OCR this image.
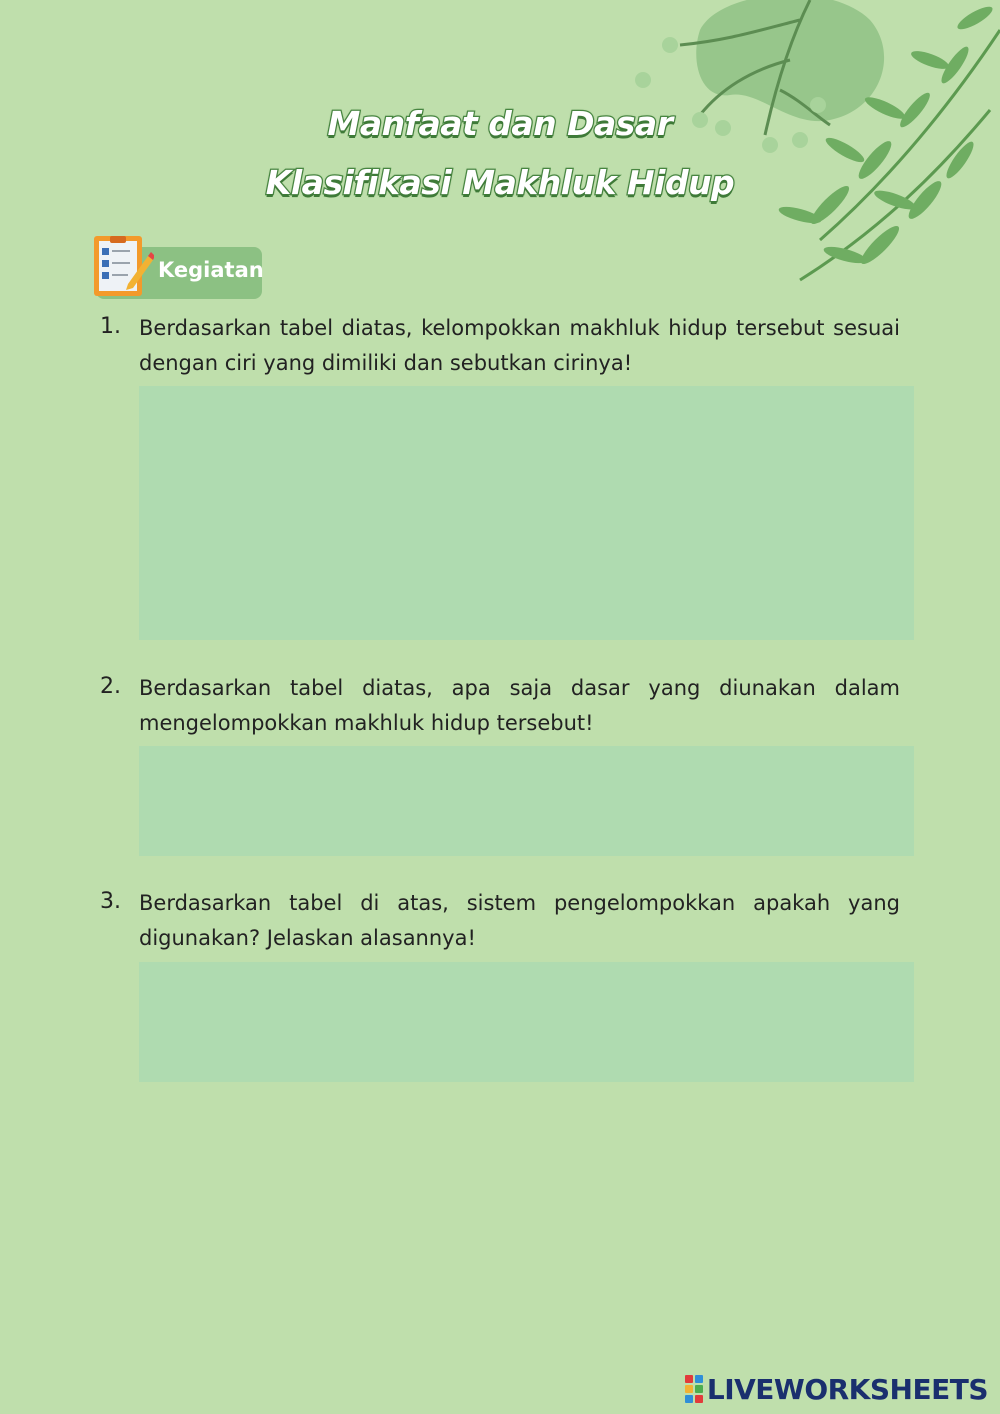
Manfaat dan Dasar
Klasifikasi Makhluk Hidup
Kegiatan
1. Berdasarkan tabel diatas, kelompokkan makhluk hidup tersebut sesuai dengan ciri yang dimiliki dan sebutkan cirinya!
2. Berdasarkan tabel diatas, apa saja dasar yang diunakan dalam mengelompokkan makhluk hidup tersebut!
3. Berdasarkan tabel di atas, sistem pengelompokkan apakah yang digunakan? Jelaskan alasannya!
LIVEWORKSHEETS
